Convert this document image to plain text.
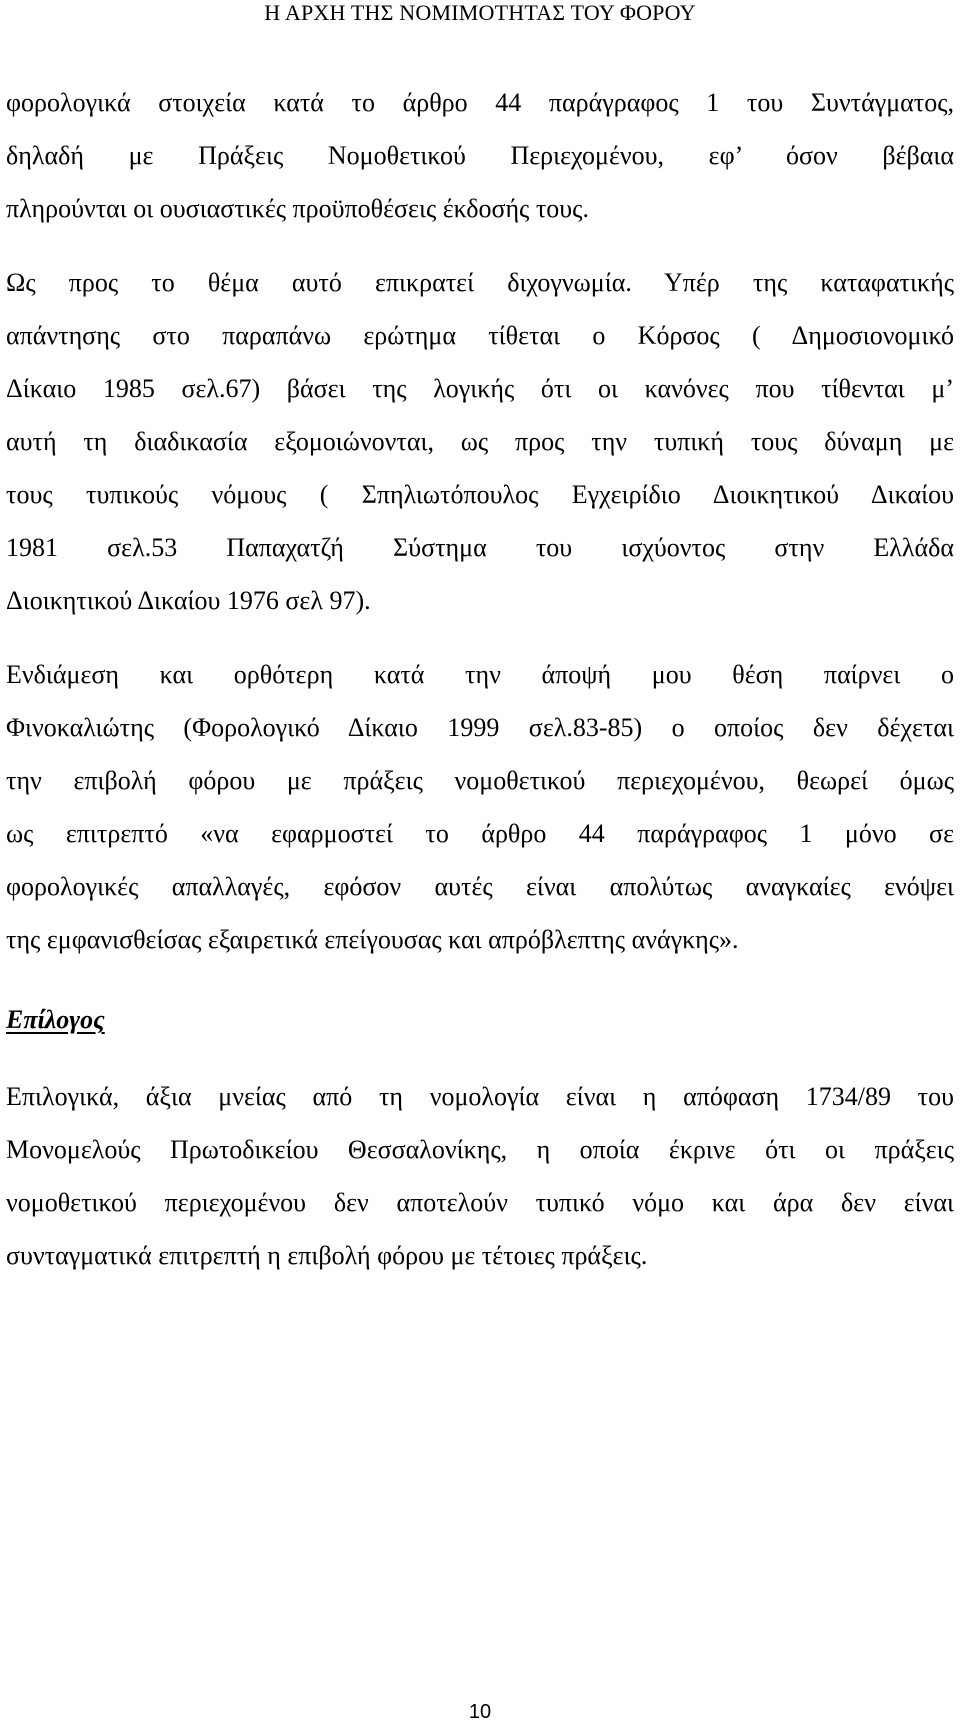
Η ΑΡΧΗ ΤΗΣ ΝΟΜΙΜΟΤΗΤΑΣ ΤΟΥ ΦΟΡΟΥ
φορολογικά στοιχεία κατά το άρθρο 44 παράγραφος 1 του Συντάγματος,
δηλαδή με Πράξεις Νομοθετικού Περιεχομένου, εφ’ όσον βέβαια
πληρούνται οι ουσιαστικές προϋποθέσεις έκδοσής τους.
Ως προς το θέμα αυτό επικρατεί διχογνωμία. Υπέρ της καταφατικής
απάντησης στο παραπάνω ερώτημα τίθεται ο Κόρσος ( Δημοσιονομικό
Δίκαιο 1985 σελ.67) βάσει της λογικής ότι οι κανόνες που τίθενται μ’
αυτή τη διαδικασία εξομοιώνονται, ως προς την τυπική τους δύναμη με
τους τυπικούς νόμους ( Σπηλιωτόπουλος Εγχειρίδιο Διοικητικού Δικαίου
1981 σελ.53 Παπαχατζή Σύστημα του ισχύοντος στην Ελλάδα
Διοικητικού Δικαίου 1976 σελ 97).
Ενδιάμεση και ορθότερη κατά την άποψή μου θέση παίρνει ο
Φινοκαλιώτης (Φορολογικό Δίκαιο 1999 σελ.83-85) ο οποίος δεν δέχεται
την επιβολή φόρου με πράξεις νομοθετικού περιεχομένου, θεωρεί όμως
ως επιτρεπτό «να εφαρμοστεί το άρθρο 44 παράγραφος 1 μόνο σε
φορολογικές απαλλαγές, εφόσον αυτές είναι απολύτως αναγκαίες ενόψει
της εμφανισθείσας εξαιρετικά επείγουσας και απρόβλεπτης ανάγκης».
Επίλογος
Επιλογικά, άξια μνείας από τη νομολογία είναι η απόφαση 1734/89 του
Μονομελούς Πρωτοδικείου Θεσσαλονίκης, η οποία έκρινε ότι οι πράξεις
νομοθετικού περιεχομένου δεν αποτελούν τυπικό νόμο και άρα δεν είναι
συνταγματικά επιτρεπτή η επιβολή φόρου με τέτοιες πράξεις.
10
